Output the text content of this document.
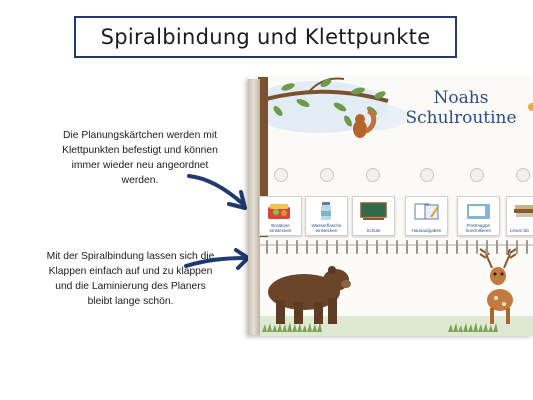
Spiralbindung und Klettpunkte
Die Planungskärtchen werden mit Klettpunkten befestigt und können immer wieder neu angeordnet werden.
Mit der Spiralbindung lassen sich die Klappen einfach auf und zu klappen und die Laminierung des Planers bleibt lange schön.
Noahs
Schulroutine
Brotdose einstecken
Wasserflasche einstecken	Schule	Hausaufgaben
Postmappe kontrollieren	Lesen üb
